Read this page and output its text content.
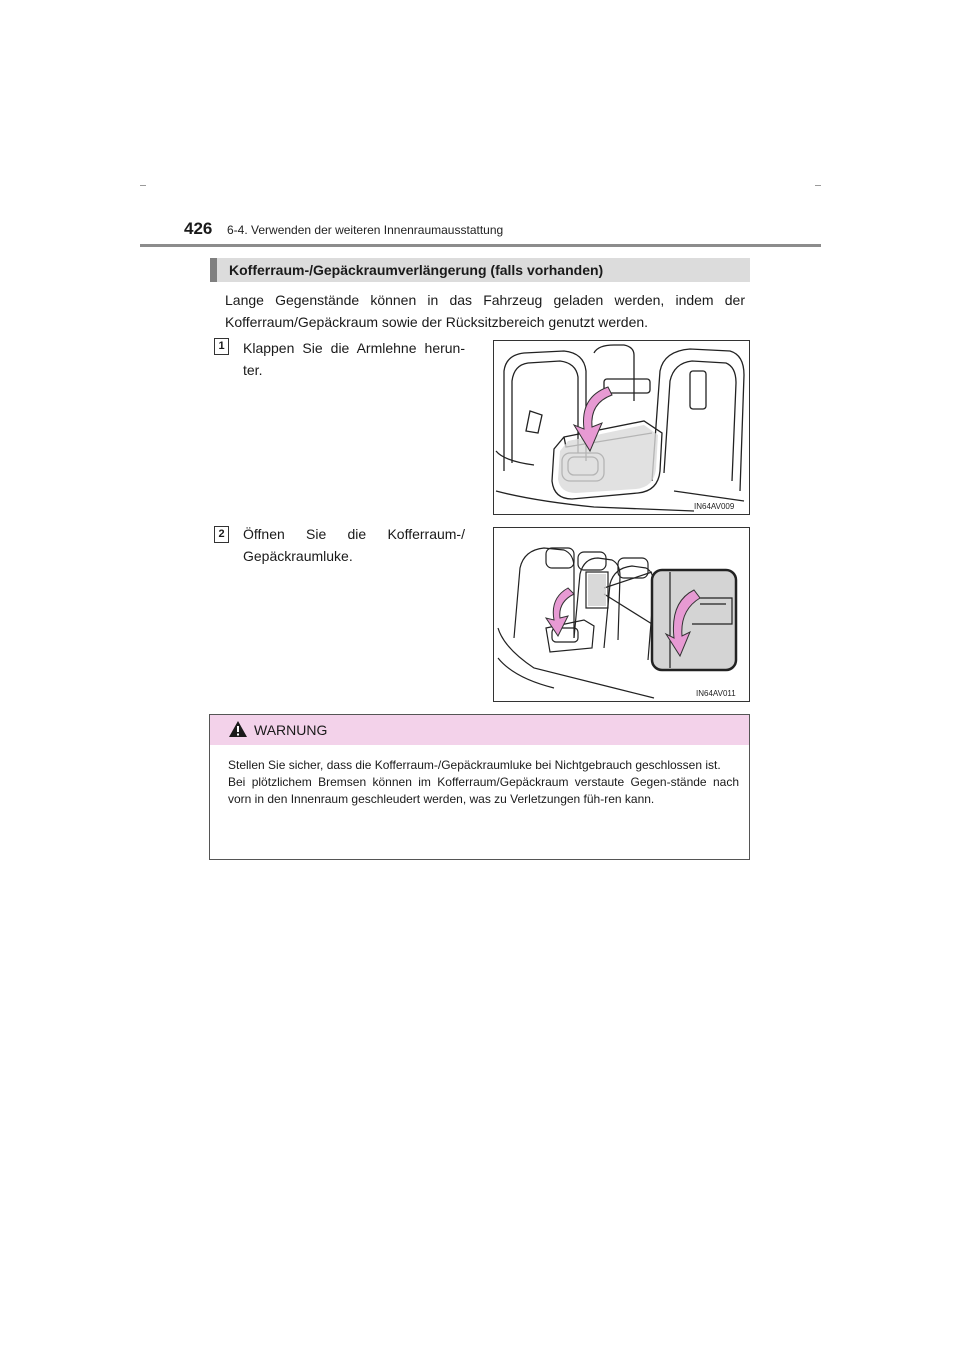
426 6-4. Verwenden der weiteren Innenraumausstattung
Kofferraum-/Gepäckraumverlängerung (falls vorhanden)
Lange Gegenstände können in das Fahrzeug geladen werden, indem der Kofferraum/Gepäckraum sowie der Rücksitzbereich genutzt werden.
1	Klappen Sie die Armlehne herun-ter.
IN64AV009
2	Öffnen Sie die Kofferraum-/ Gepäckraumluke.
IN64AV011
WARNUNG

Stellen Sie sicher, dass die Kofferraum-/Gepäckraumluke bei Nichtgebrauch geschlossen ist.

Bei plötzlichem Bremsen können im Kofferraum/Gepäckraum verstaute Gegen-stände nach vorn in den Innenraum geschleudert werden, was zu Verletzungen füh-ren kann.
